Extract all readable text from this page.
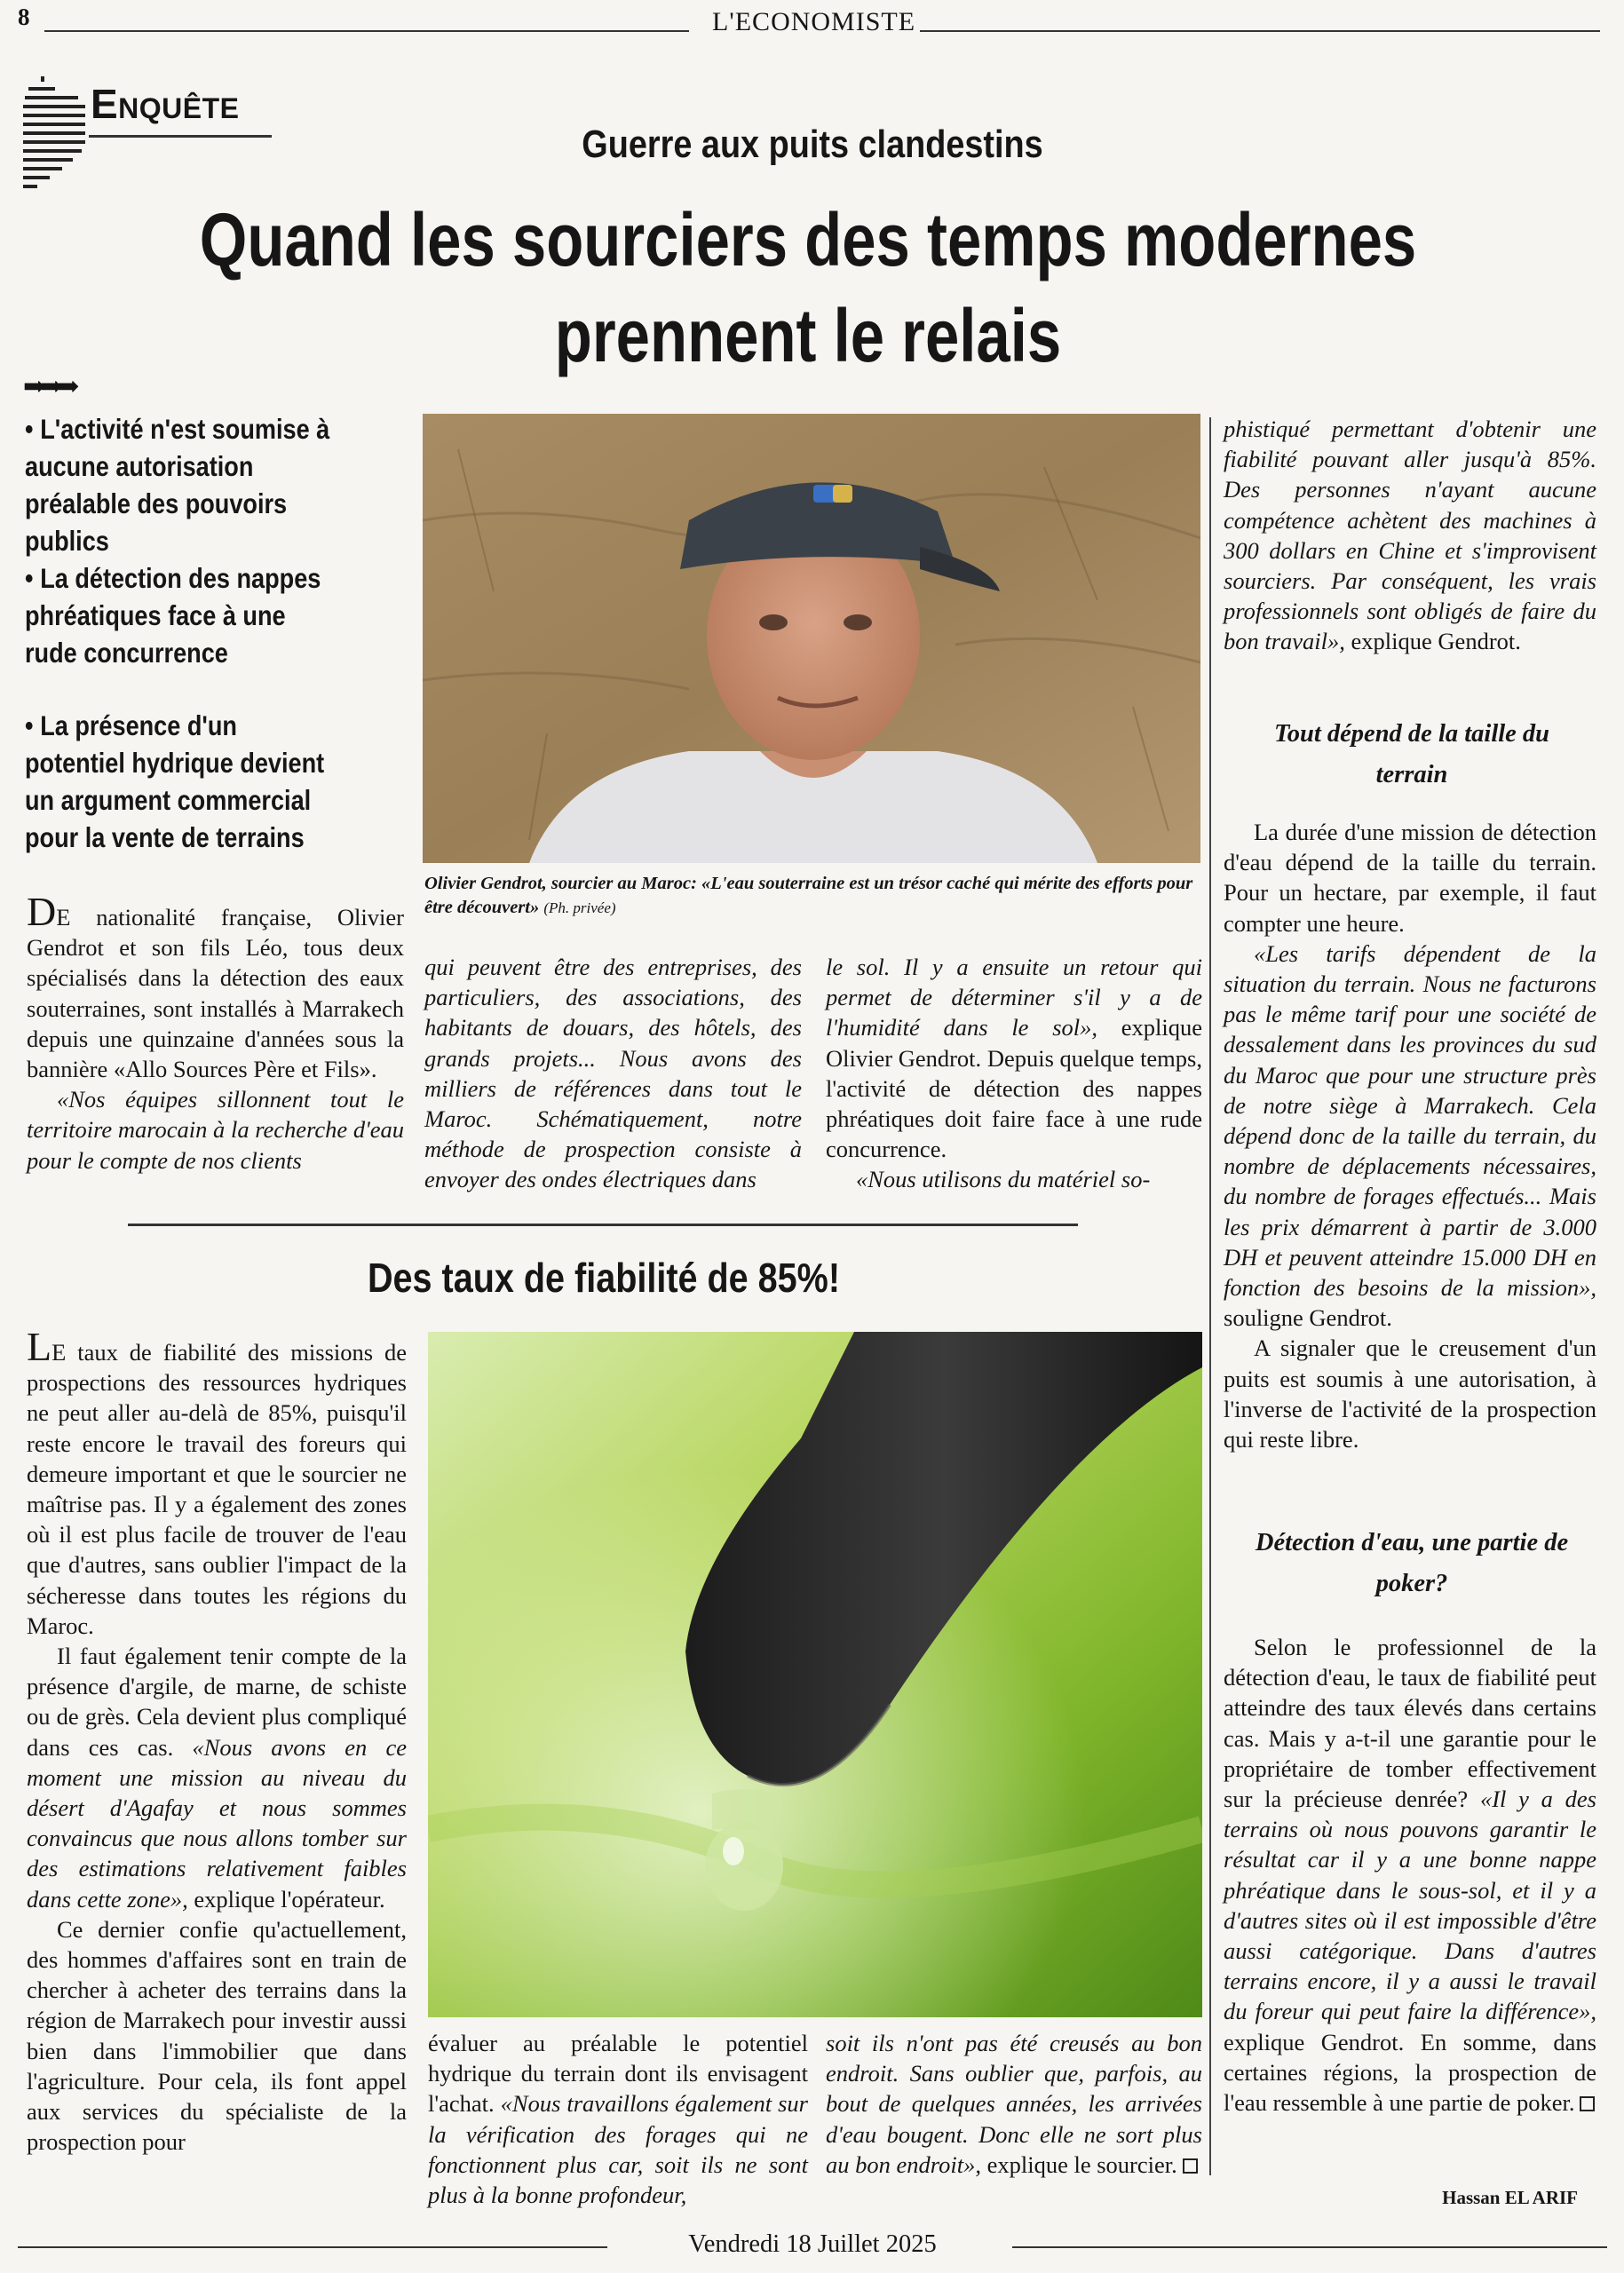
8	L'ECONOMISTE
Enquête
Guerre aux puits clandestins
Quand les sourciers des temps modernes prennent le relais
➡➡➡
• L'activité n'est soumise à aucune autorisation préalable des pouvoirs publics
• La détection des nappes phréatiques face à une rude concurrence
• La présence d'un potentiel hydrique devient un argument commercial pour la vente de terrains
Olivier Gendrot, sourcier au Maroc: «L'eau souterraine est un trésor caché qui mérite des efforts pour être découvert» (Ph. privée)

DE nationalité française, Olivier Gendrot et son fils Léo, tous deux spécialisés dans la détection des eaux souterraines, sont installés à Marrakech depuis une quinzaine d'années sous la bannière «Allo Sources Père et Fils».

«Nos équipes sillonnent tout le territoire marocain à la recherche d'eau pour le compte de nos clients

qui peuvent être des entreprises, des particuliers, des associations, des habitants de douars, des hôtels, des grands projets... Nous avons des milliers de références dans tout le Maroc. Schématiquement, notre méthode de prospection consiste à envoyer des ondes électriques dans

le sol. Il y a ensuite un retour qui permet de déterminer s'il y a de l'humidité dans le sol», explique Olivier Gendrot. Depuis quelque temps, l'activité de détection des nappes phréatiques doit faire face à une rude concurrence.

«Nous utilisons du matériel so-

phistiqué permettant d'obtenir une fiabilité pouvant aller jusqu'à 85%. Des personnes n'ayant aucune compétence achètent des machines à 300 dollars en Chine et s'improvisent sourciers. Par conséquent, les vrais professionnels sont obligés de faire du bon travail», explique Gendrot.

Tout dépend de la taille du terrain

La durée d'une mission de détection d'eau dépend de la taille du terrain. Pour un hectare, par exemple, il faut compter une heure.

«Les tarifs dépendent de la situation du terrain. Nous ne facturons pas le même tarif pour une société de dessalement dans les provinces du sud du Maroc que pour une structure près de notre siège à Marrakech. Cela dépend donc de la taille du terrain, du nombre de déplacements nécessaires, du nombre de forages effectués... Mais les prix démarrent à partir de 3.000 DH et peuvent atteindre 15.000 DH en fonction des besoins de la mission», souligne Gendrot.

A signaler que le creusement d'un puits est soumis à une autorisation, à l'inverse de l'activité de la prospection qui reste libre.

Détection d'eau, une partie de poker?

Selon le professionnel de la détection d'eau, le taux de fiabilité peut atteindre des taux élevés dans certains cas. Mais y a-t-il une garantie pour le propriétaire de tomber effectivement sur la précieuse denrée? «Il y a des terrains où nous pouvons garantir le résultat car il y a une bonne nappe phréatique dans le sous-sol, et il y a d'autres sites où il est impossible d'être aussi catégorique. Dans d'autres terrains encore, il y a aussi le travail du foreur qui peut faire la différence», explique Gendrot. En somme, dans certaines régions, la prospection de l'eau ressemble à une partie de poker.

Hassan EL ARIF
Des taux de fiabilité de 85%!

LE taux de fiabilité des missions de prospections des ressources hydriques ne peut aller au-delà de 85%, puisqu'il reste encore le travail des foreurs qui demeure important et que le sourcier ne maîtrise pas. Il y a également des zones où il est plus facile de trouver de l'eau que d'autres, sans oublier l'impact de la sécheresse dans toutes les régions du Maroc.

Il faut également tenir compte de la présence d'argile, de marne, de schiste ou de grès. Cela devient plus compliqué dans ces cas. «Nous avons en ce moment une mission au niveau du désert d'Agafay et nous sommes convaincus que nous allons tomber sur des estimations relativement faibles dans cette zone», explique l'opérateur.

Ce dernier confie qu'actuellement, des hommes d'affaires sont en train de chercher à acheter des terrains dans la région de Marrakech pour investir aussi bien dans l'immobilier que dans l'agriculture. Pour cela, ils font appel aux services du spécialiste de la prospection pour

évaluer au préalable le potentiel hydrique du terrain dont ils envisagent l'achat. «Nous travaillons également sur la vérification des forages qui ne fonctionnent plus car, soit ils ne sont plus à la bonne profondeur,

soit ils n'ont pas été creusés au bon endroit. Sans oublier que, parfois, au bout de quelques années, les arrivées d'eau bougent. Donc elle ne sort plus au bon endroit», explique le sourcier.

Vendredi 18 Juillet 2025
